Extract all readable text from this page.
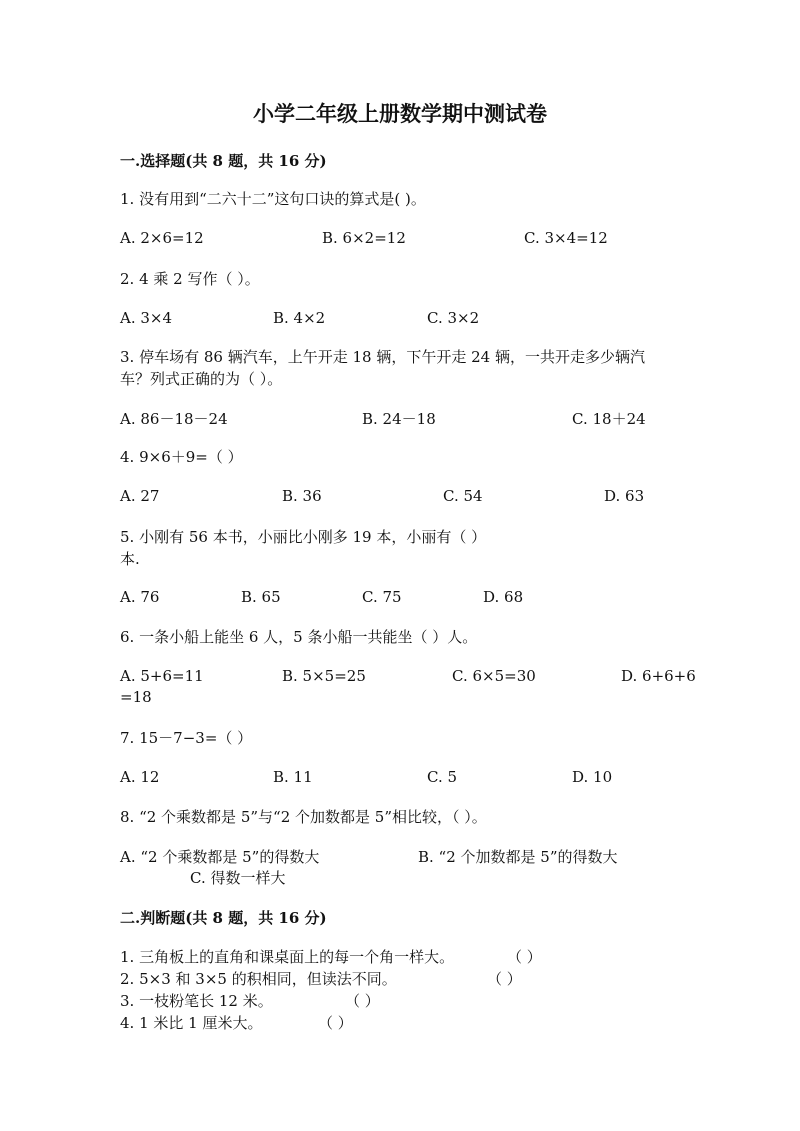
小学二年级上册数学期中测试卷
一.选择题(共 8 题，共 16 分)
1. 没有用到“二六十二”这句口诀的算式是( )。
A. 2×6=12	B. 6×2=12	C. 3×4=12
2. 4 乘 2 写作（ ）。
A. 3×4	B. 4×2	C. 3×2
3. 停车场有 86 辆汽车，上午开走 18 辆，下午开走 24 辆，一共开走多少辆汽
车？列式正确的为（ ）。
A. 86－18－24	B. 24－18	C. 18＋24
4. 9×6＋9=（ ）
A. 27	B. 36	C. 54	D. 63
5. 小刚有 56 本书，小丽比小刚多 19 本，小丽有（ ）
本.
A. 76	B. 65	C. 75	D. 68
6. 一条小船上能坐 6 人，5 条小船一共能坐（ ）人。
A. 5+6=11	B. 5×5=25	C. 6×5=30	D. 6+6+6
=18
7. 15－7−3=（ ）
A. 12	B. 11	C. 5	D. 10
8. “2 个乘数都是 5”与“2 个加数都是 5”相比较，（ ）。
A. “2 个乘数都是 5”的得数大	B. “2 个加数都是 5”的得数大
C. 得数一样大
二.判断题(共 8 题，共 16 分)
1. 三角板上的直角和课桌面上的每一个角一样大。	（ ）
2. 5×3 和 3×5 的积相同，但读法不同。	（ ）
3. 一枝粉笔长 12 米。	（ ）
4. 1 米比 1 厘米大。	（ ）
